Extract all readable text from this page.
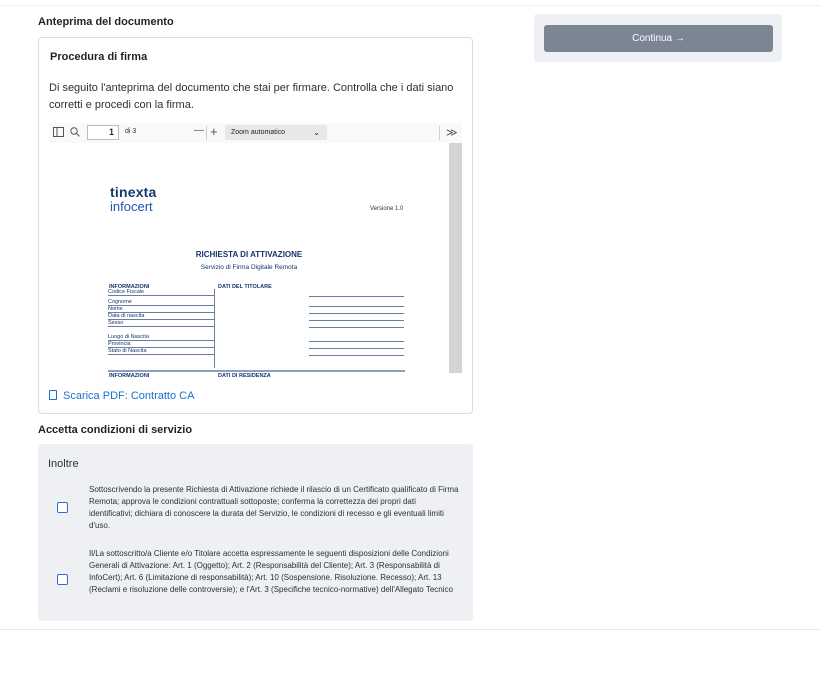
Anteprima del documento
Procedura di firma
Di seguito l'anteprima del documento che stai per firmare. Controlla che i dati siano corretti e procedi con la firma.
1	di 3	— +	Zoom automatico	⌄	≫
tinexta
infocert	Versione 1.0
RICHIESTA DI ATTIVAZIONE
Servizio di Firma Digitale Remota
INFORMAZIONI	DATI DEL TITOLARE
Codice Fiscale
Cognome
Nome
Data di nascita
Sesso
Luogo di Nascita
Provincia
Stato di Nascita
INFORMAZIONI	DATI DI RESIDENZA
Scarica PDF: Contratto CA
Accetta condizioni di servizio
Inoltre
Sottoscrivendo la presente Richiesta di Attivazione richiede il rilascio di un Certificato qualificato di Firma Remota; approva le condizioni contrattuali sottoposte; conferma la correttezza dei propri dati identificativi; dichiara di conoscere la durata del Servizio, le condizioni di recesso e gli eventuali limiti d'uso.
Il/La sottoscritto/a Cliente e/o Titolare accetta espressamente le seguenti disposizioni delle Condizioni Generali di Attivazione: Art. 1 (Oggetto); Art. 2 (Responsabilità del Cliente); Art. 3 (Responsabilità di InfoCert); Art. 6 (Limitazione di responsabilità); Art. 10 (Sospensione. Risoluzione. Recesso); Art. 13 (Reclami e risoluzione delle controversie); e l'Art. 3 (Specifiche tecnico-normative) dell'Allegato Tecnico
Continua →
